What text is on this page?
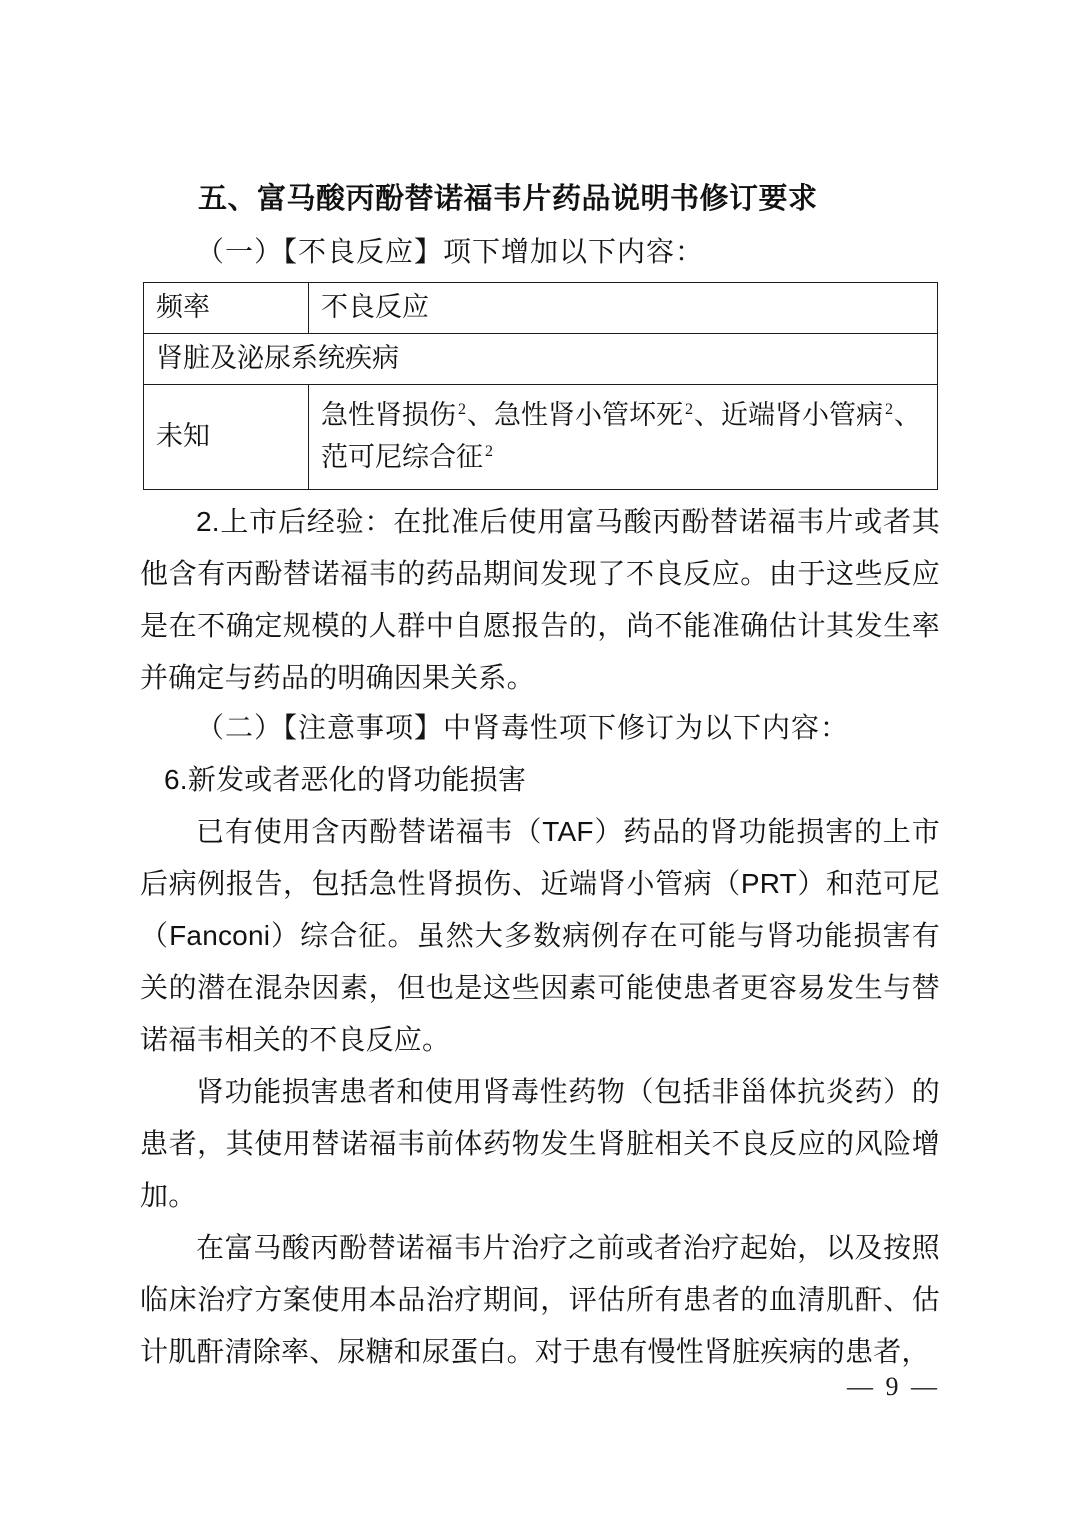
五、富马酸丙酚替诺福韦片药品说明书修订要求

（一）【不良反应】项下增加以下内容：

频率	不良反应
肾脏及泌尿系统疾病	
未知	急性肾损伤 $^2$、急性肾小管坏死 $^2$、近端肾小管病 $^2$、
范可尼综合征 $^2$

2.上市后经验：在批准后使用富马酸丙酚替诺福韦片或者其他含有丙酚替诺福韦的药品期间发现了不良反应。由于这些反应是在不确定规模的人群中自愿报告的，尚不能准确估计其发生率并确定与药品的明确因果关系。

（二）【注意事项】中肾毒性项下修订为以下内容：

6.新发或者恶化的肾功能损害

已有使用含丙酚替诺福韦（TAF）药品的肾功能损害的上市后病例报告，包括急性肾损伤、近端肾小管病（PRT）和范可尼（Fanconi）综合征。虽然大多数病例存在可能与肾功能损害有关的潜在混杂因素，但也是这些因素可能使患者更容易发生与替诺福韦相关的不良反应。

肾功能损害患者和使用肾毒性药物（包括非甾体抗炎药）的患者，其使用替诺福韦前体药物发生肾脏相关不良反应的风险增加。

在富马酸丙酚替诺福韦片治疗之前或者治疗起始，以及按照临床治疗方案使用本品治疗期间，评估所有患者的血清肌酐、估计肌酐清除率、尿糖和尿蛋白。对于患有慢性肾脏疾病的患者，

— 9 —
